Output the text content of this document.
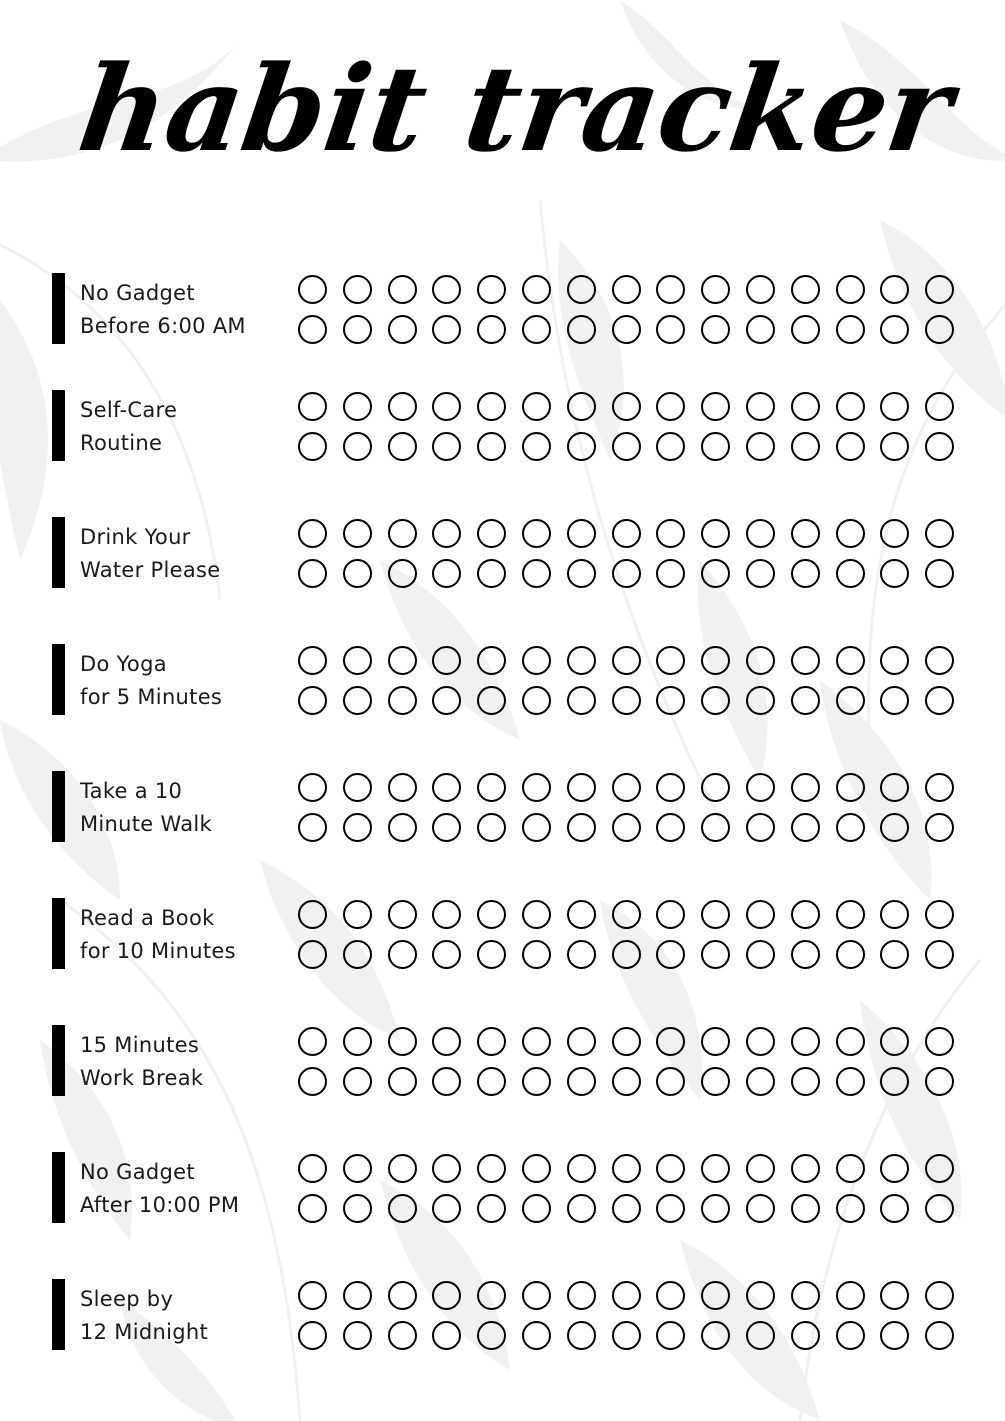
habit tracker
No Gadget
Before 6:00 AM
Self-Care
Routine
Drink Your
Water Please
Do Yoga
for 5 Minutes
Take a 10
Minute Walk
Read a Book
for 10 Minutes
15 Minutes
Work Break
No Gadget
After 10:00 PM
Sleep by
12 Midnight
